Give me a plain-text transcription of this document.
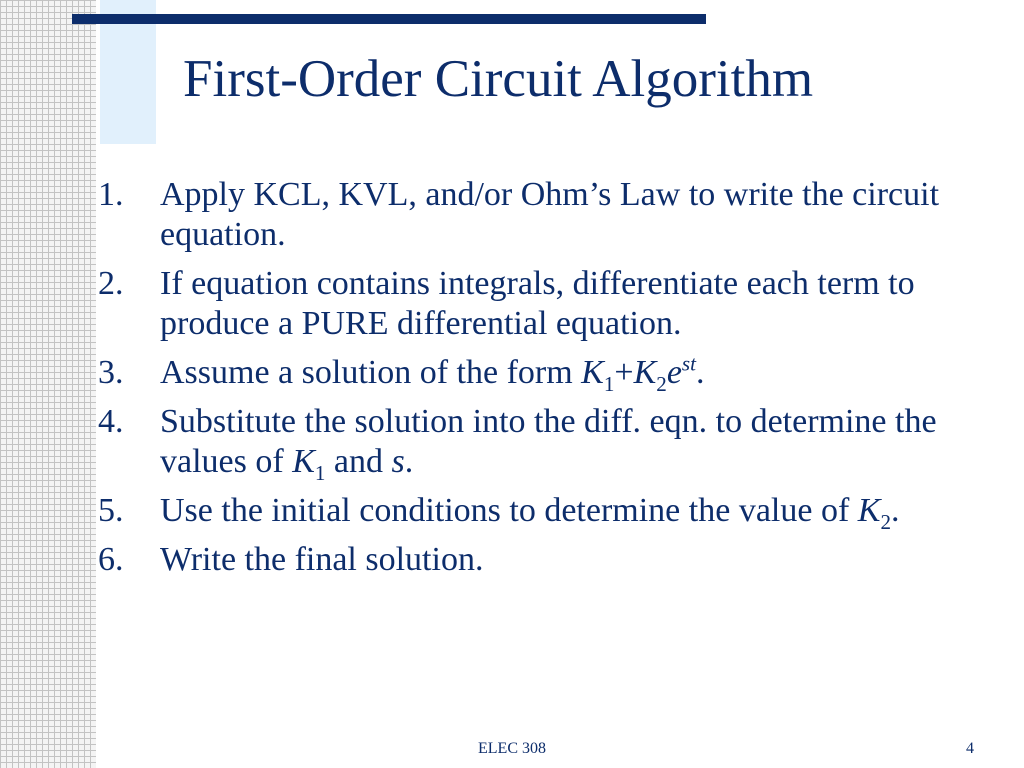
First-Order Circuit Algorithm
1. Apply KCL, KVL, and/or Ohm’s Law to write the circuit equation.
2. If equation contains integrals, differentiate each term to produce a PURE differential equation.
3. Assume a solution of the form $K_1+K_2e^{st}$.
4. Substitute the solution into the diff. eqn. to determine the values of $K_1$ and s.
5. Use the initial conditions to determine the value of $K_2$.
6. Write the final solution.
ELEC 308	4
